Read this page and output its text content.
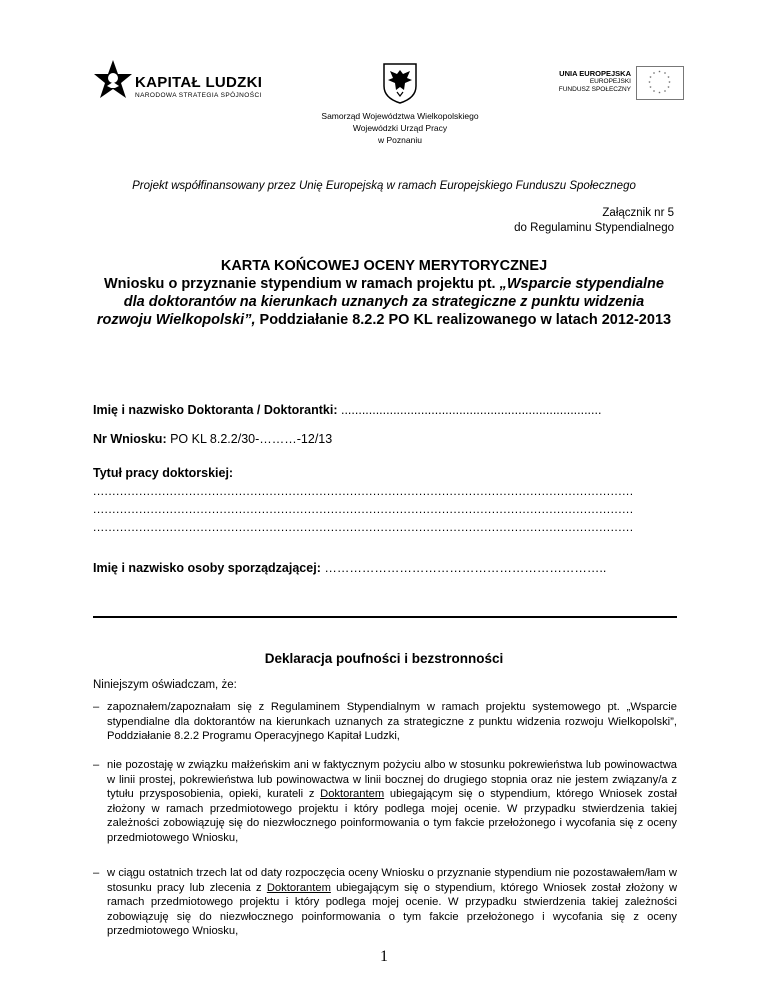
KAPITAŁ LUDZKI
NARODOWA STRATEGIA SPÓJNOŚCI
Samorząd Województwa Wielkopolskiego
Wojewódzki Urząd Pracy
w Poznaniu
UNIA EUROPEJSKA
EUROPEJSKI
FUNDUSZ SPOŁECZNY
* *
*
*
*
*
*
*
*
*
*
*
Projekt współfinansowany przez Unię Europejską w ramach Europejskiego Funduszu Społecznego
Załącznik nr 5
do Regulaminu Stypendialnego
KARTA KOŃCOWEJ OCENY MERYTORYCZNEJ
Wniosku o przyznanie stypendium w ramach projektu pt. „Wsparcie stypendialne dla doktorantów na kierunkach uznanych za strategiczne z punktu widzenia rozwoju Wielkopolski”, Poddziałanie 8.2.2 PO KL realizowanego w latach 2012-2013
Imię i nazwisko Doktoranta / Doktorantki: ...........................................................................
Nr Wniosku: PO KL 8.2.2/30-………-12/13
Tytuł pracy doktorskiej:
.............................................................................................................................................
.............................................................................................................................................
.............................................................................................................................................
Imię i nazwisko osoby sporządzającej: …………………………………………………………..
Deklaracja poufności i bezstronności
Niniejszym oświadczam, że:
– zapoznałem/zapoznałam się z Regulaminem Stypendialnym w ramach projektu systemowego pt. „Wsparcie stypendialne dla doktorantów na kierunkach uznanych za strategiczne z punktu widzenia rozwoju Wielkopolski”, Poddziałanie 8.2.2 Programu Operacyjnego Kapitał Ludzki,
– nie pozostaję w związku małżeńskim ani w faktycznym pożyciu albo w stosunku pokrewieństwa lub powinowactwa w linii prostej, pokrewieństwa lub powinowactwa w linii bocznej do drugiego stopnia oraz nie jestem związany/a z tytułu przysposobienia, opieki, kurateli z Doktorantem ubiegającym się o stypendium, którego Wniosek został złożony w ramach przedmiotowego projektu i który podlega mojej ocenie. W przypadku stwierdzenia takiej zależności zobowiązuję się do niezwłocznego poinformowania o tym fakcie przełożonego i wycofania się z oceny przedmiotowego Wniosku,
– w ciągu ostatnich trzech lat od daty rozpoczęcia oceny Wniosku o przyznanie stypendium nie pozostawałem/łam w stosunku pracy lub zlecenia z Doktorantem ubiegającym się o stypendium, którego Wniosek został złożony w ramach przedmiotowego projektu i który podlega mojej ocenie. W przypadku stwierdzenia takiej zależności zobowiązuję się do niezwłocznego poinformowania o tym fakcie przełożonego i wycofania się z oceny przedmiotowego Wniosku,
1
